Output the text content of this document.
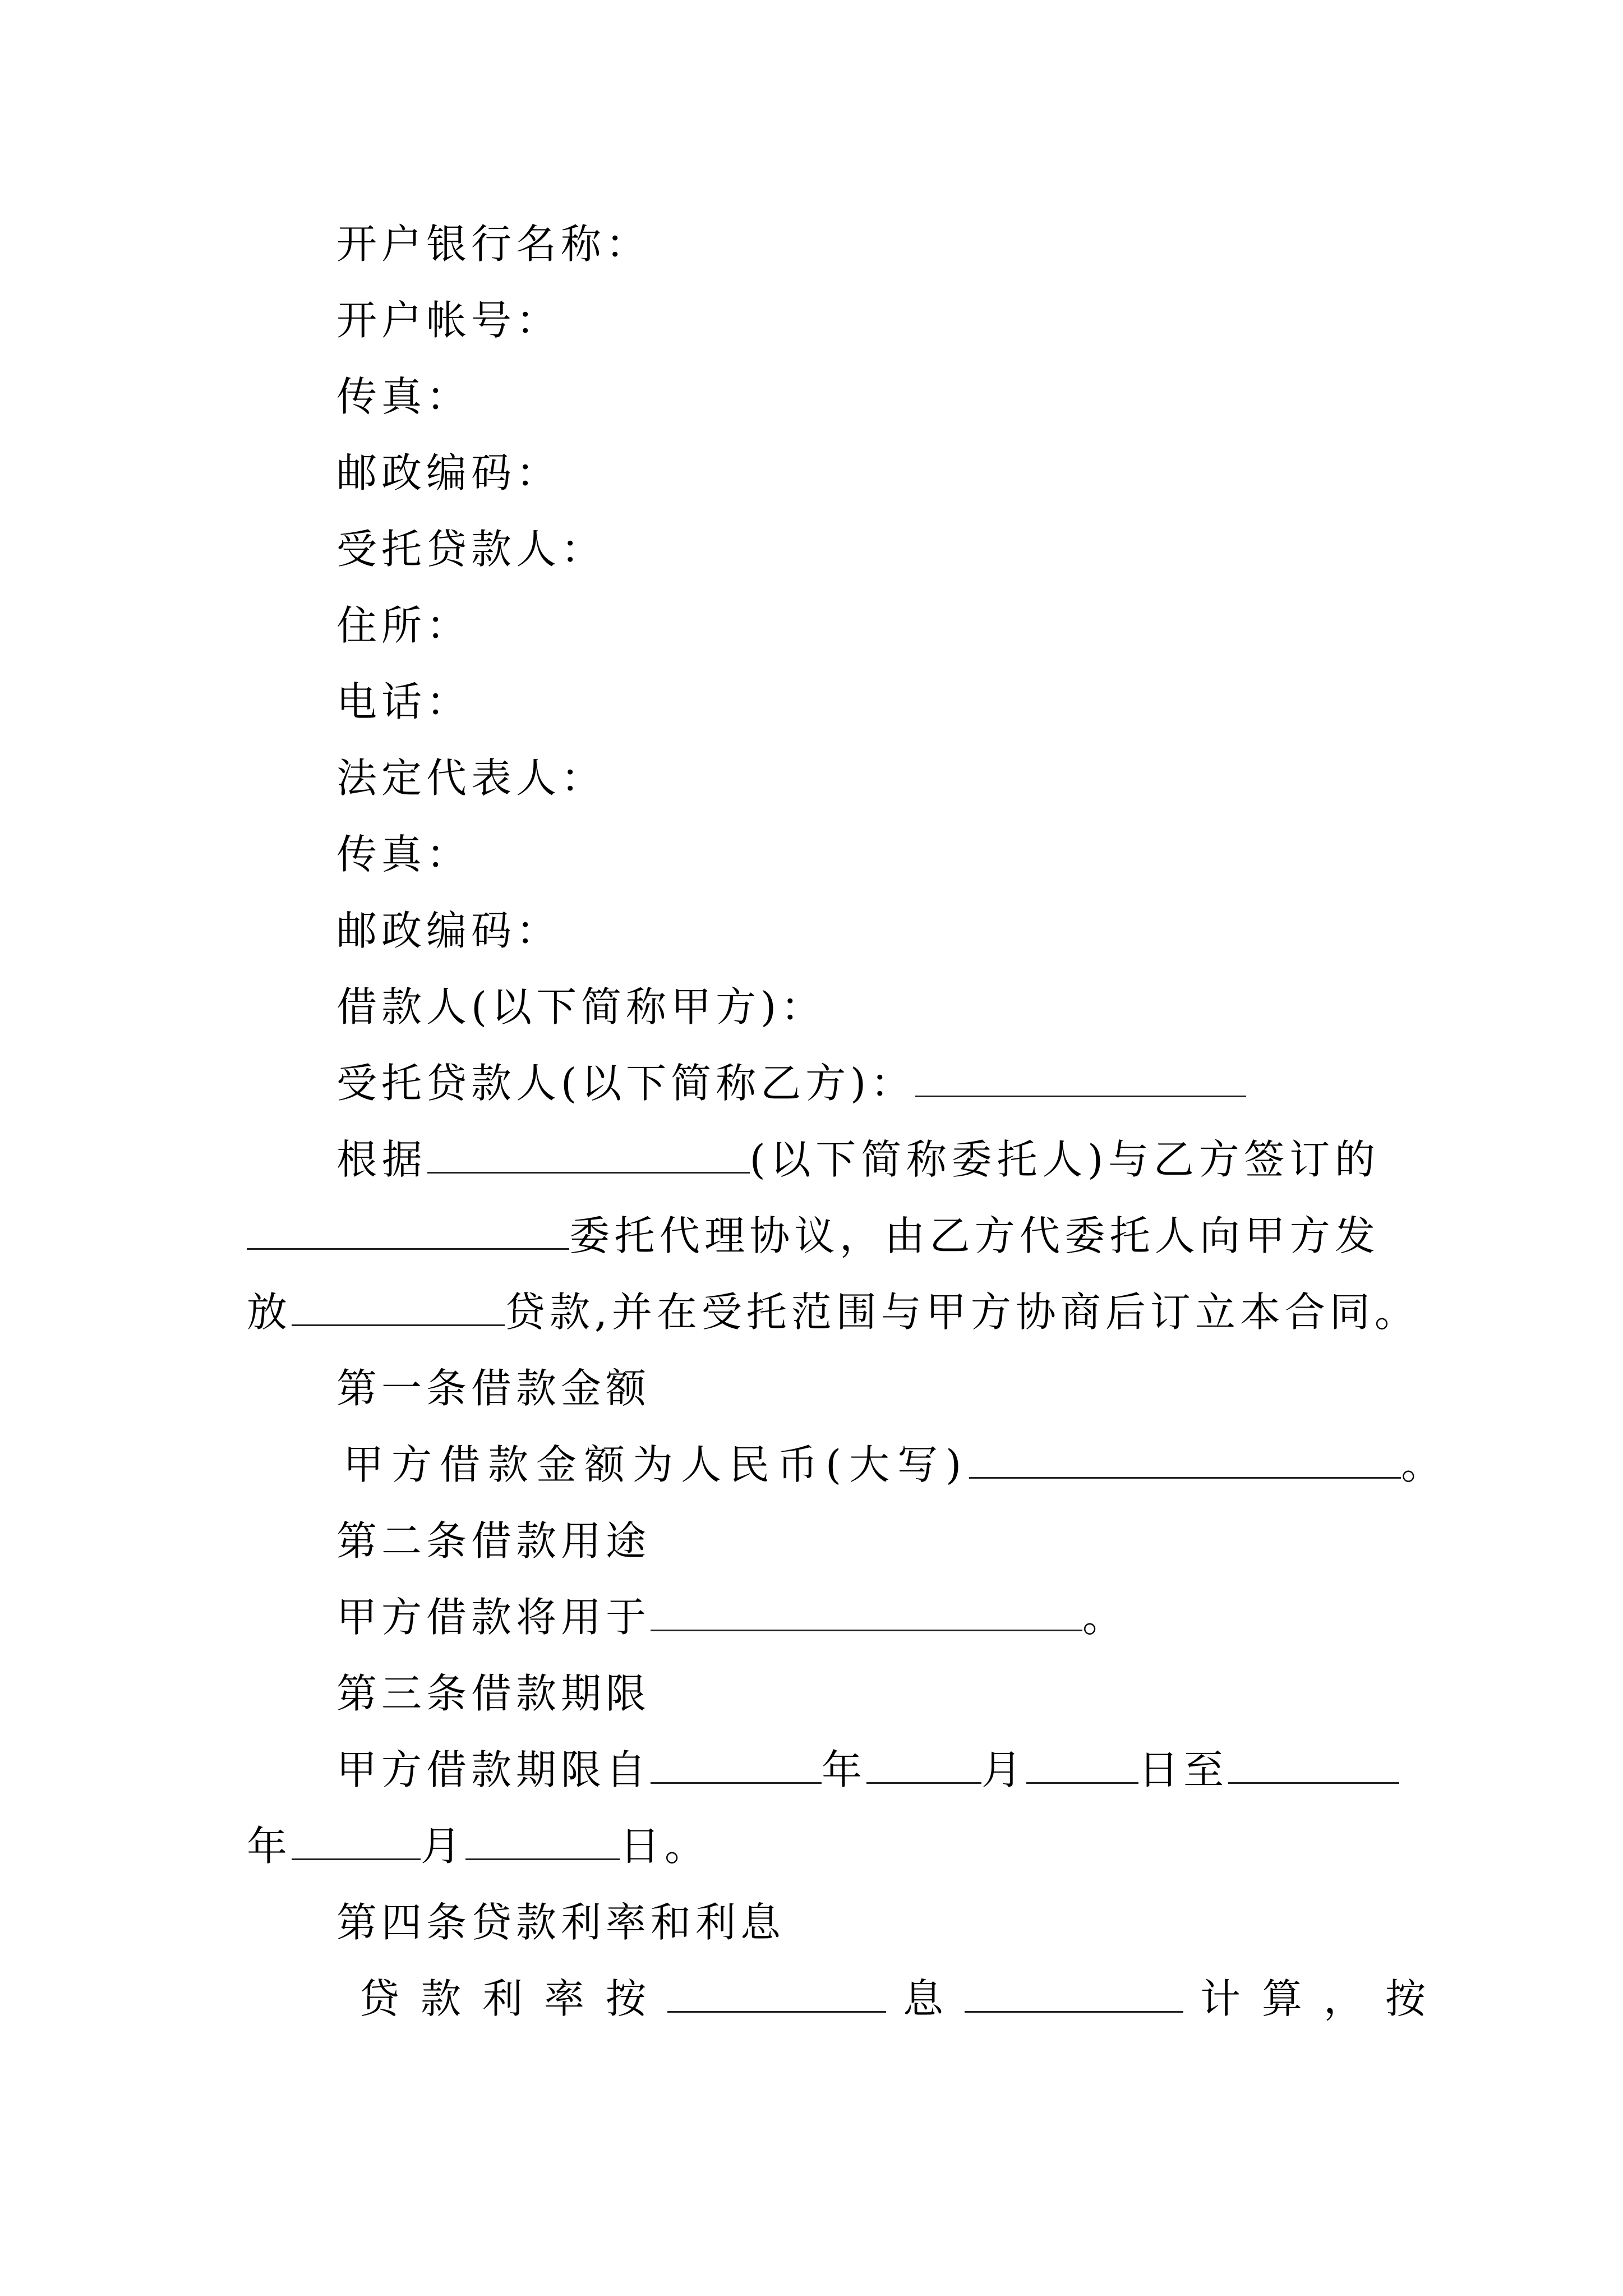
开户银行名称：
开户帐号：
传真：
邮政编码：
受托贷款人：
住所：
电话：
法定代表人：
传真：
邮政编码：
借款人(以下简称甲方)：
受托贷款人(以下简称乙方)：
根据	(以下简称委托人)与乙方签订的
委托代理协议，由乙方代委托人向甲方发
放	贷款,并在受托范围与甲方协商后订立本合同。
第一条借款金额
甲方借款金额为人民币(大写)	。
第二条借款用途
甲方借款将用于	。
第三条借款期限
甲方借款期限自	年	月	日至
年	月	日。
第四条贷款利率和利息
贷款利率按	息	计算，按
